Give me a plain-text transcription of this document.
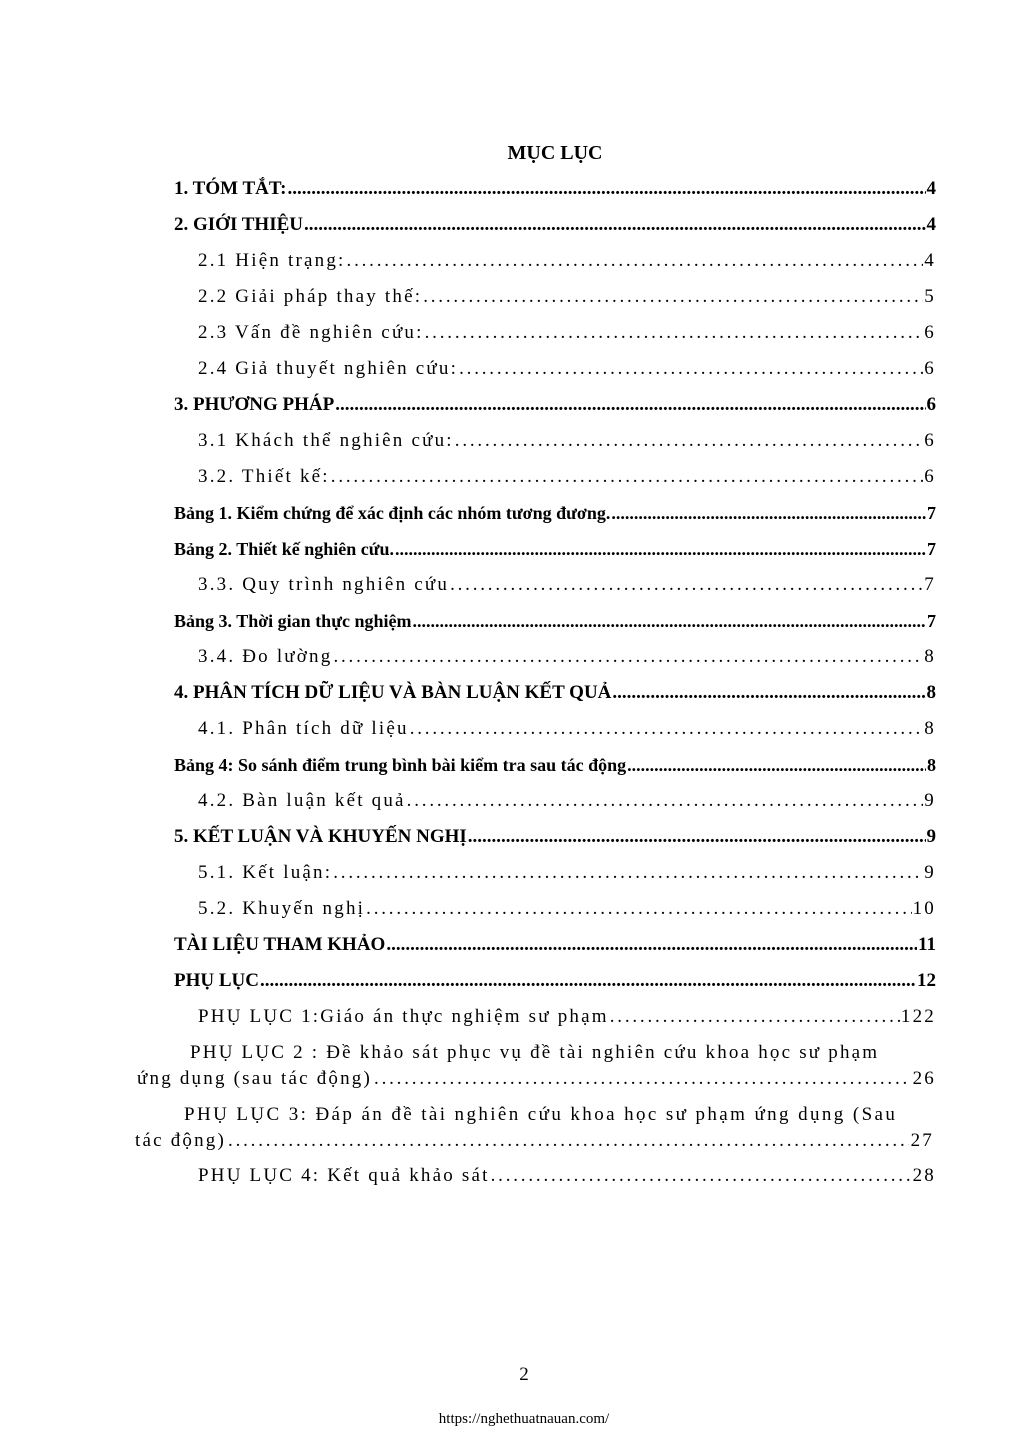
MỤC LỤC
1. TÓM TẮT: .....	4
2. GIỚI THIỆU .....	4
2.1 Hiện trạng: .....	4
2.2 Giải pháp thay thế: .....	5
2.3 Vấn đề nghiên cứu: .....	6
2.4 Giả thuyết nghiên cứu: .....	6
3. PHƯƠNG PHÁP .....	6
3.1 Khách thể nghiên cứu: .....	6
3.2. Thiết kế: .....	6
Bảng 1. Kiểm chứng để xác định các nhóm tương đương. .....	7
Bảng 2. Thiết kế nghiên cứu. .....	7
3.3. Quy trình nghiên cứu .....	7
Bảng 3. Thời gian thực nghiệm .....	7
3.4. Đo lường .....	8
4. PHÂN TÍCH DỮ LIỆU VÀ BÀN LUẬN KẾT QUẢ .....	8
4.1. Phân tích dữ liệu .....	8
Bảng 4: So sánh điểm trung bình bài kiểm tra sau tác động .....	8
4.2. Bàn luận kết quả .....	9
5. KẾT LUẬN VÀ KHUYẾN NGHỊ .....	9
5.1. Kết luận: .....	9
5.2. Khuyến nghị .....	10
TÀI LIỆU THAM KHẢO .....	11
PHỤ LỤC .....	12
PHỤ LỤC 1:Giáo án thực nghiệm sư phạm .....	122
PHỤ LỤC 2 : Đề khảo sát phục vụ đề tài nghiên cứu khoa học sư phạm
ứng dụng (sau tác động) .....	26
PHỤ LỤC 3: Đáp án đề tài nghiên cứu khoa học sư phạm ứng dụng (Sau
tác động) .....	27
PHỤ LỤC 4: Kết quả khảo sát .....	28
2
https://nghethuatnauan.com/
